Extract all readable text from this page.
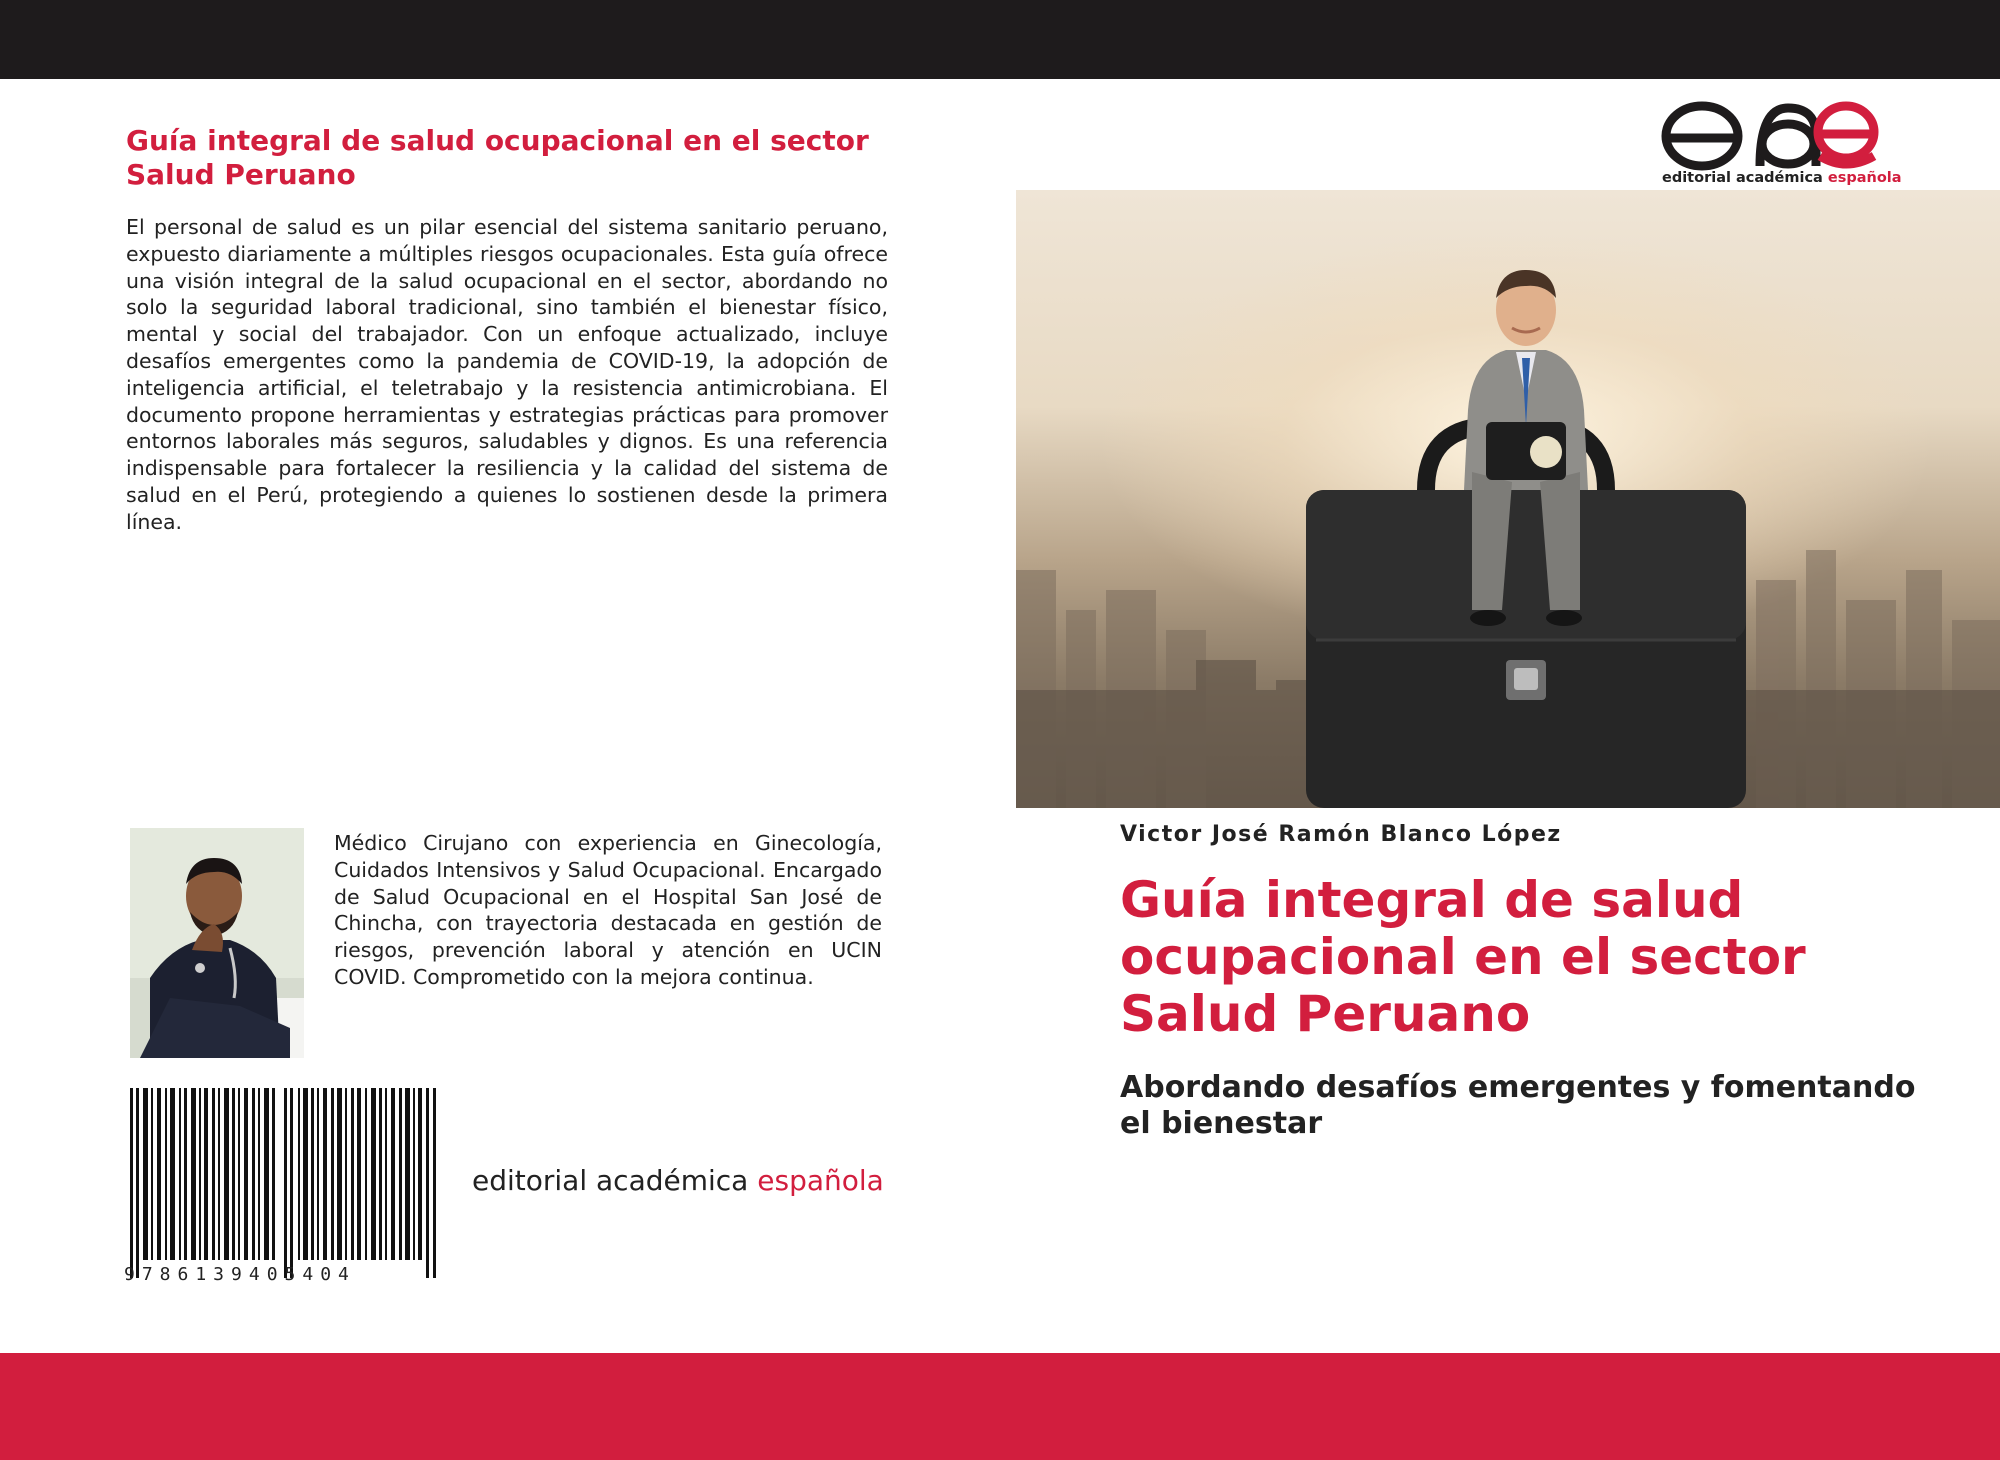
Guía integral de salud ocupacional en el sector Salud Peruano

El personal de salud es un pilar esencial del sistema sanitario peruano, expuesto diariamente a múltiples riesgos ocupacionales. Esta guía ofrece una visión integral de la salud ocupacional en el sector, abordando no solo la seguridad laboral tradicional, sino también el bienestar físico, mental y social del trabajador. Con un enfoque actualizado, incluye desafíos emergentes como la pandemia de COVID-19, la adopción de inteligencia artificial, el teletrabajo y la resistencia antimicrobiana. El documento propone herramientas y estrategias prácticas para promover entornos laborales más seguros, saludables y dignos. Es una referencia indispensable para fortalecer la resiliencia y la calidad del sistema de salud en el Perú, protegiendo a quienes lo sostienen desde la primera línea.

Médico Cirujano con experiencia en Ginecología, Cuidados Intensivos y Salud Ocupacional. Encargado de Salud Ocupacional en el Hospital San José de Chincha, con trayectoria destacada en gestión de riesgos, prevención laboral y atención en UCIN COVID. Comprometido con la mejora continua.

9786139405404
editorial académica española
editorial académica española
Victor José Ramón Blanco López
Guía integral de salud ocupacional en el sector Salud Peruano
Abordando desafíos emergentes y fomentando el bienestar
